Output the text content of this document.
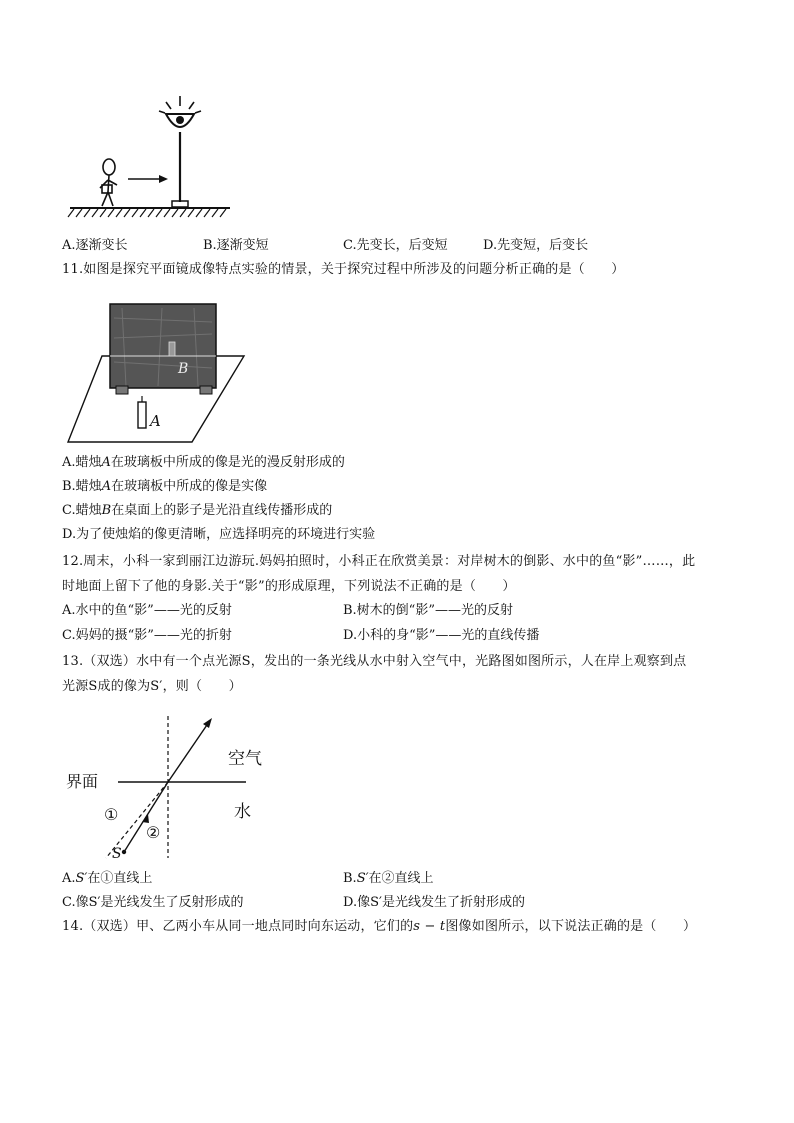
A.逐渐变长	B.逐渐变短	C.先变长，后变短	D.先变短，后变长
11.如图是探究平面镜成像特点实验的情景，关于探究过程中所涉及的问题分析正确的是（　　）
B
A
A.蜡烛A在玻璃板中所成的像是光的漫反射形成的
B.蜡烛A在玻璃板中所成的像是实像
C.蜡烛B在桌面上的影子是光沿直线传播形成的
D.为了使烛焰的像更清晰，应选择明亮的环境进行实验
12.周末，小科一家到丽江边游玩.妈妈拍照时，小科正在欣赏美景：对岸树木的倒影、水中的鱼“影”……，此
时地面上留下了他的身影.关于“影”的形成原理，下列说法不正确的是（　　）
A.水中的鱼“影”——光的反射	B.树木的倒“影”——光的反射
C.妈妈的摄“影”——光的折射	D.小科的身“影”——光的直线传播
13.（双选）水中有一个点光源S，发出的一条光线从水中射入空气中，光路图如图所示，人在岸上观察到点
光源S成的像为S′，则（　　）
空气
界面
水
①
②
S
A.S′在①直线上	B.S′在②直线上
C.像S′是光线发生了反射形成的	D.像S′是光线发生了折射形成的
14.（双选）甲、乙两小车从同一地点同时向东运动，它们的s − t图像如图所示，以下说法正确的是（　　）
